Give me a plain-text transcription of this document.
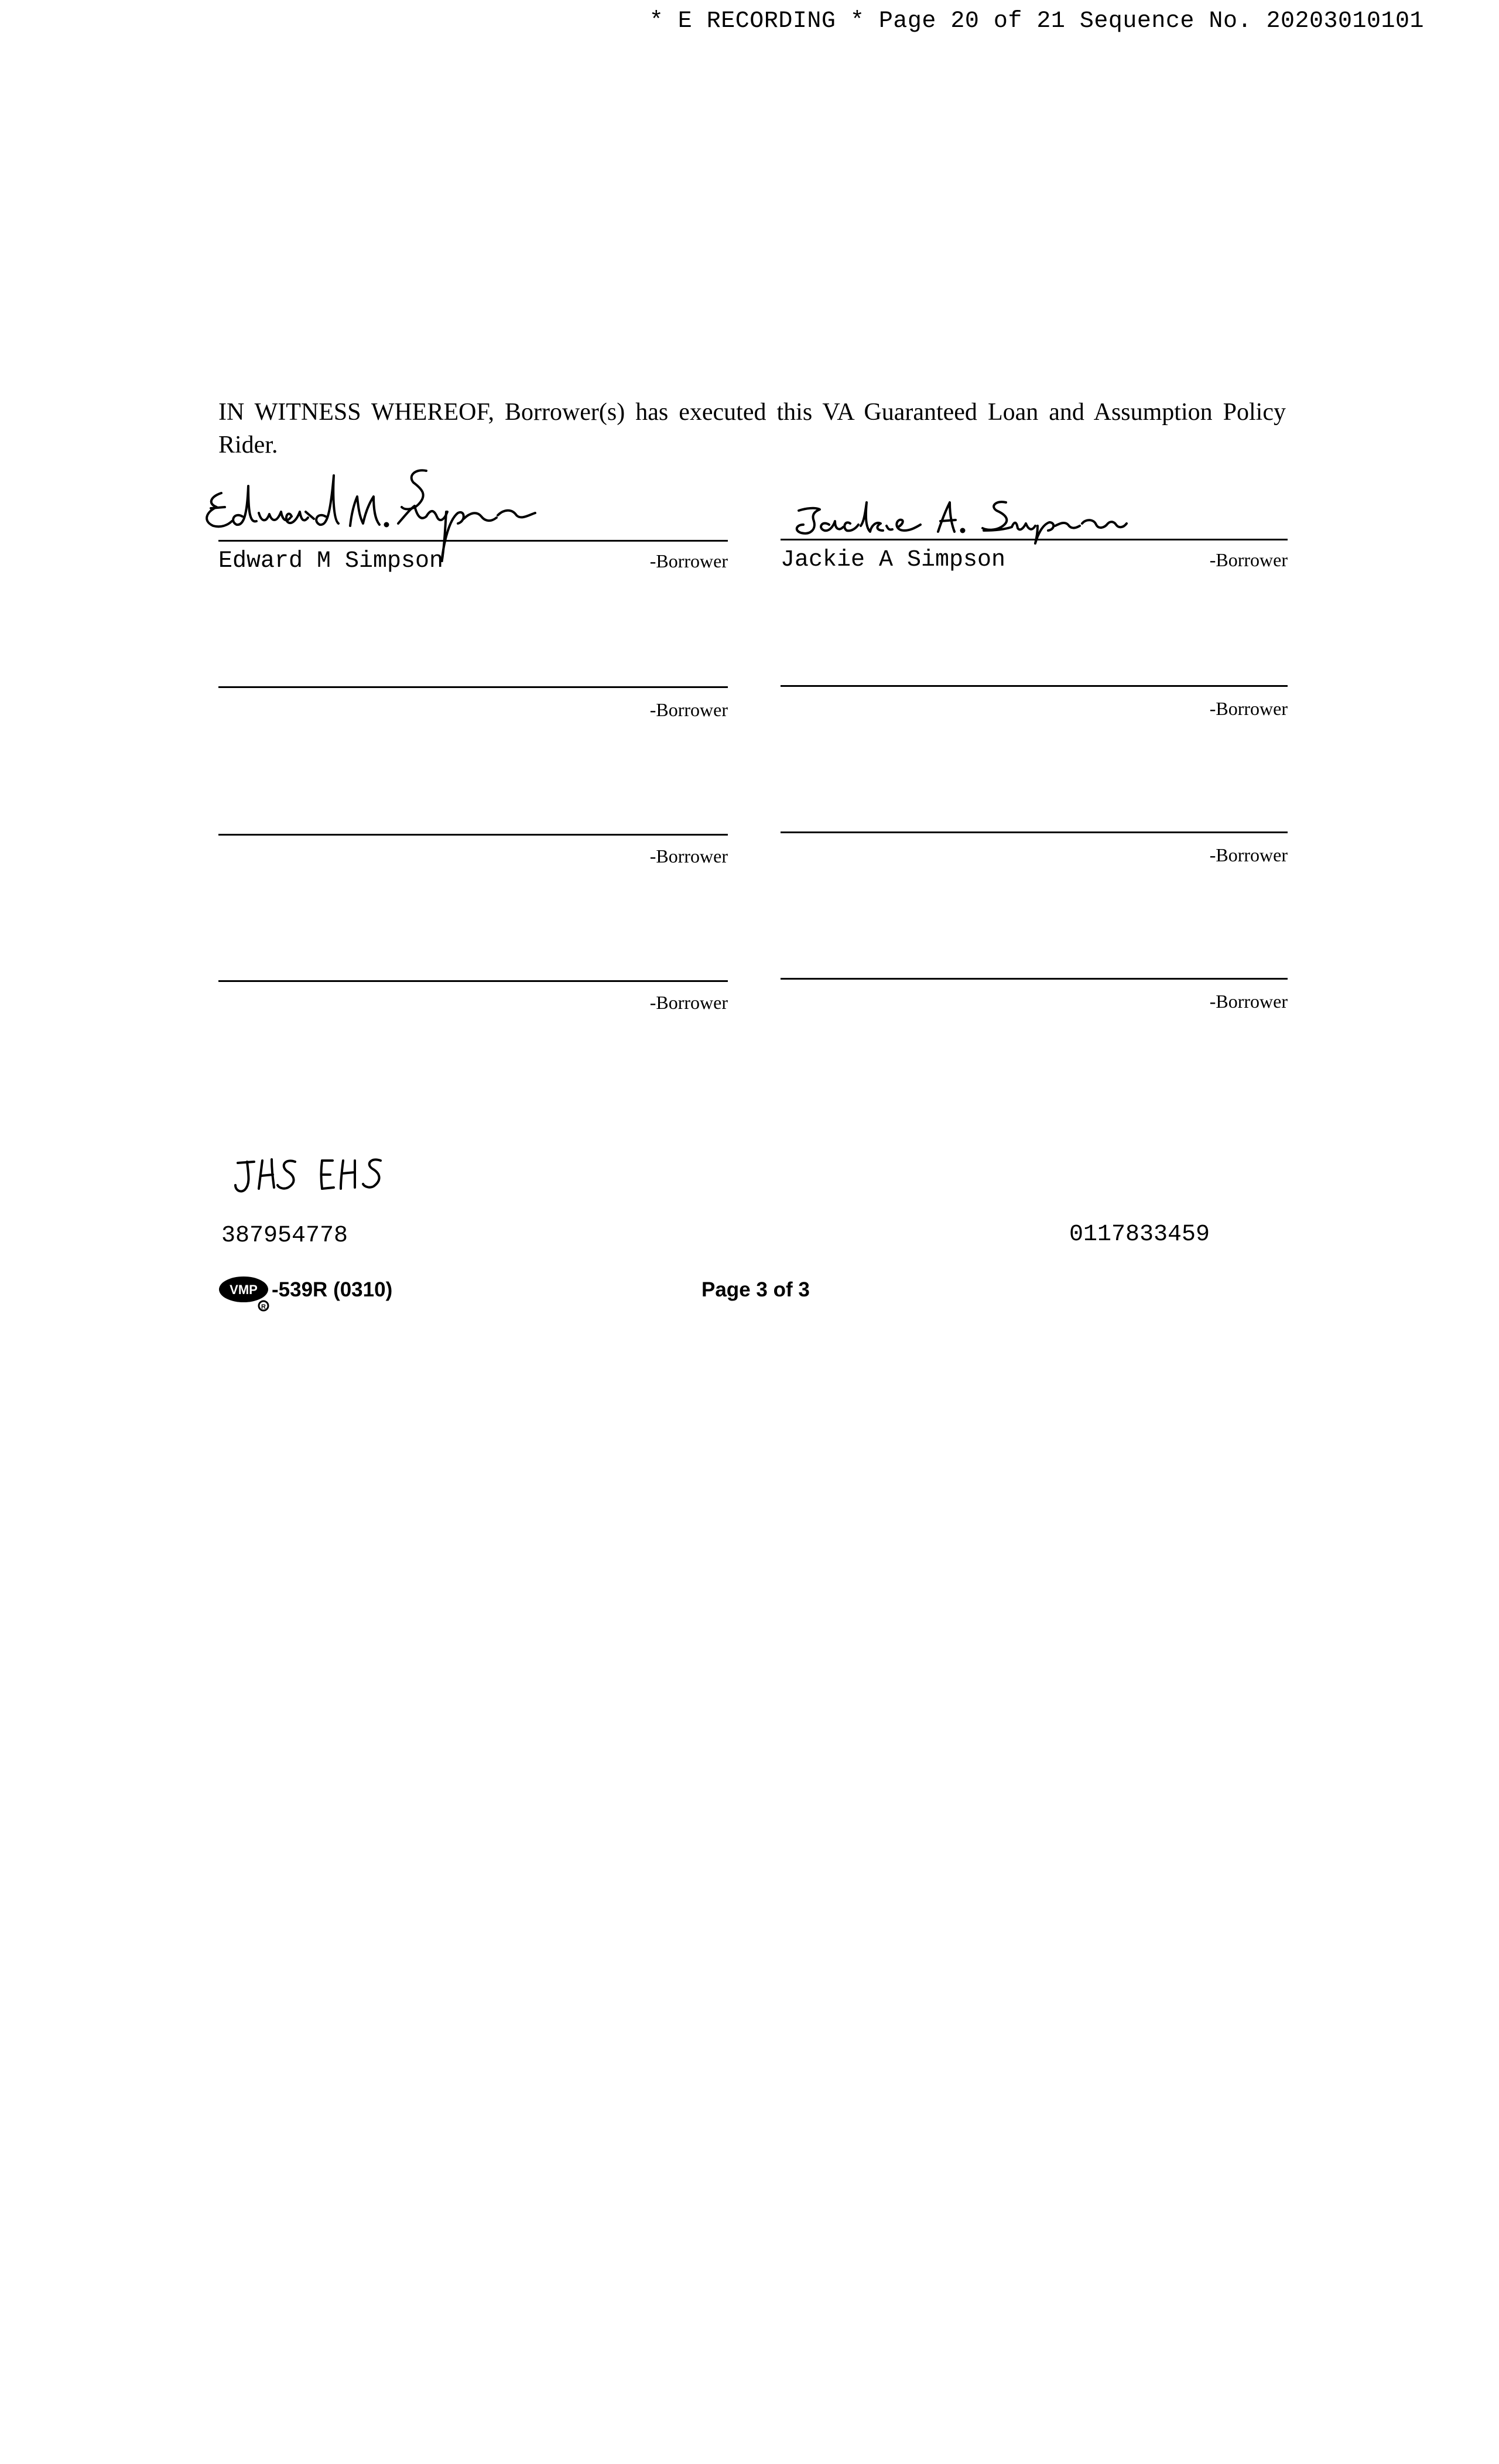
* E RECORDING * Page 20 of 21 Sequence No. 20203010101
IN WITNESS WHEREOF, Borrower(s) has executed this VA Guaranteed Loan and Assumption Policy Rider.
Edward M Simpson	-Borrower Jackie A Simpson	-Borrower
-Borrower	-Borrower
-Borrower	-Borrower
-Borrower	-Borrower
387954778	0117833459
VMP
R
-539R (0310)	Page 3 of 3
